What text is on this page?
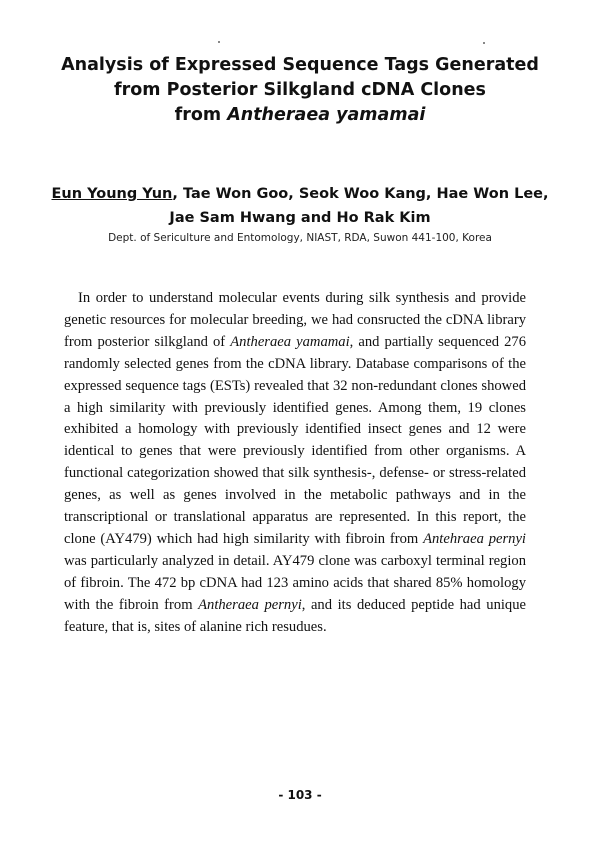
Analysis of Expressed Sequence Tags Generated
from Posterior Silkgland cDNA Clones
from Antheraea yamamai
Eun Young Yun, Tae Won Goo, Seok Woo Kang, Hae Won Lee,
Jae Sam Hwang and Ho Rak Kim
Dept. of Sericulture and Entomology, NIAST, RDA, Suwon 441-100, Korea

In order to understand molecular events during silk synthesis and provide genetic resources for molecular breeding, we had consructed the cDNA library from posterior silkgland of Antheraea yamamai, and partially sequenced 276 randomly selected genes from the cDNA library. Database comparisons of the expressed sequence tags (ESTs) revealed that 32 non-redundant clones showed a high similarity with previously identified genes. Among them, 19 clones exhibited a homology with previously identified insect genes and 12 were identical to genes that were previously identified from other organisms. A functional categorization showed that silk synthesis-, defense- or stress-related genes, as well as genes involved in the metabolic pathways and in the transcriptional or translational apparatus are represented. In this report, the clone (AY479) which had high similarity with fibroin from Antehraea pernyi was particularly analyzed in detail. AY479 clone was carboxyl terminal region of fibroin. The 472 bp cDNA had 123 amino acids that shared 85% homology with the fibroin from Antheraea pernyi, and its deduced peptide had unique feature, that is, sites of alanine rich resudues.

- 103 -
